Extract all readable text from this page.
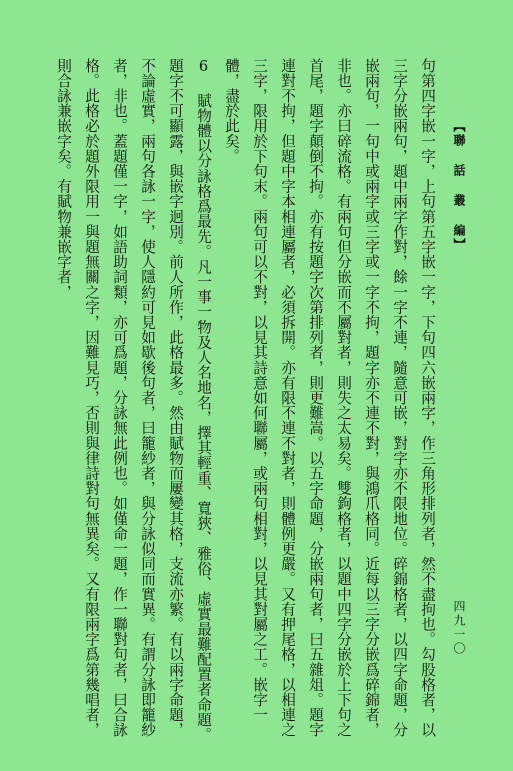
【聯 話 叢 編】

句第四字嵌一字，上句第五字嵌一字，下句四六嵌兩字，作三角形排列者，然不盡拘也。勾股格者，以三字分嵌兩句，題中兩字作對，餘一字不連，隨意可嵌，對字亦不限地位。碎錦格者，以四字命題，分嵌兩句，一句中或兩字或三字或一字不拘，題字亦不連不對，與鴻爪格同。近每以三字分嵌爲碎錦者，非也。亦曰碎流格。有兩句但分嵌而不屬對者，則失之太易矣。雙鉤格者，以題中四字分嵌於上下句之首尾，題字顛倒不拘。亦有按題字次第排列者，則更難嵩。以五字命題，分嵌兩句者，曰五雜俎。題字連對不拘，但題中字本相連屬者，必須拆開。亦有限不連不對者，則體例更嚴。又有押尾格，以相連之三字，限用於下句末。兩句可以不對，以見其詩意如何聯屬，或兩句相對，以見其對屬之工。嵌字一體，盡於此矣。

6 賦物體以分詠格爲最先。凡一事一物及人名地名，擇其輕重、寬狹、雅俗、虛實最難配置者命題。題字不可顯露，與嵌字迥別。前人所作，此格最多。然由賦物而屢變其格，支流亦繁。有以兩字命題，不論虛實，兩句各詠一字，使人隱約可見如歇後句者，曰籠紗者，與分詠似同而實異。有謂分詠即籠紗者，非也。蓋題僅一字，如語助詞類，亦可爲題，分詠無此例也。如僅命一題，作一聯對句者，曰合詠格。此格必於題外限用一與題無關之字，因難見巧，否則與律詩對句無異矣。又有限兩字爲第幾唱者，則合詠兼嵌字矣。有賦物兼嵌字者，

四九一〇
